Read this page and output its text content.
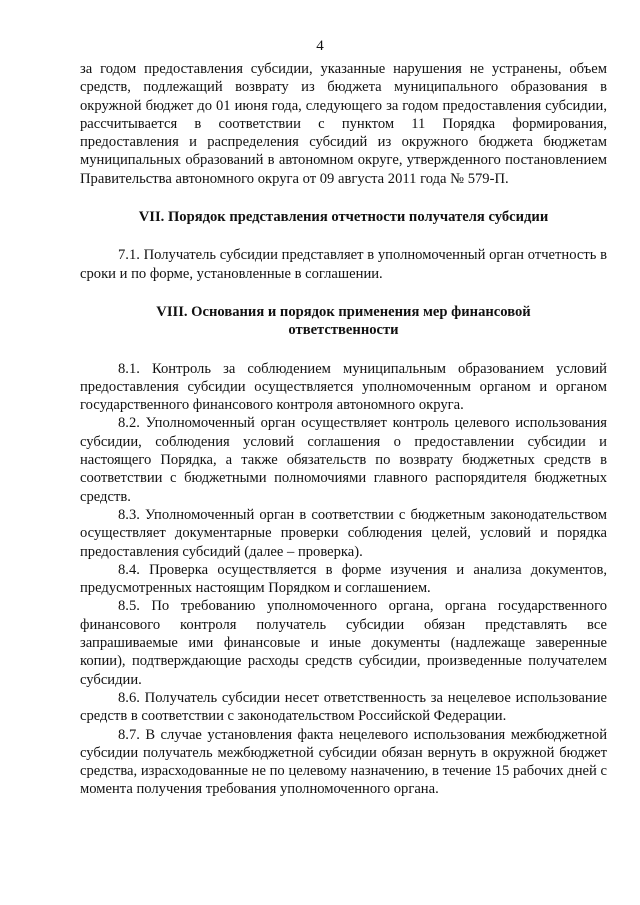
4

за годом предоставления субсидии, указанные нарушения не устранены, объем средств, подлежащий возврату из бюджета муниципального образования в окружной бюджет до 01 июня года, следующего за годом предоставления субсидии, рассчитывается в соответствии с пунктом 11 Порядка формирования, предоставления и распределения субсидий из окружного бюджета бюджетам муниципальных образований в автономном округе, утвержденного постановлением Правительства автономного округа от 09 августа 2011 года № 579-П.

VII. Порядок представления отчетности получателя субсидии

7.1. Получатель субсидии представляет в уполномоченный орган отчетность в сроки и по форме, установленные в соглашении.

VIII. Основания и порядок применения мер финансовой
ответственности

8.1. Контроль за соблюдением муниципальным образованием условий предоставления субсидии осуществляется уполномоченным органом и органом государственного финансового контроля автономного округа.

8.2. Уполномоченный орган осуществляет контроль целевого использования субсидии, соблюдения условий соглашения о предоставлении субсидии и настоящего Порядка, а также обязательств по возврату бюджетных средств в соответствии с бюджетными полномочиями главного распорядителя бюджетных средств.

8.3. Уполномоченный орган в соответствии с бюджетным законодательством осуществляет документарные проверки соблюдения целей, условий и порядка предоставления субсидий (далее – проверка).

8.4. Проверка осуществляется в форме изучения и анализа документов, предусмотренных настоящим Порядком и соглашением.

8.5. По требованию уполномоченного органа, органа государственного финансового контроля получатель субсидии обязан представлять все запрашиваемые ими финансовые и иные документы (надлежаще заверенные копии), подтверждающие расходы средств субсидии, произведенные получателем субсидии.

8.6. Получатель субсидии несет ответственность за нецелевое использование средств в соответствии с законодательством Российской Федерации.

8.7. В случае установления факта нецелевого использования межбюджетной субсидии получатель межбюджетной субсидии обязан вернуть в окружной бюджет средства, израсходованные не по целевому назначению, в течение 15 рабочих дней с момента получения требования уполномоченного органа.
